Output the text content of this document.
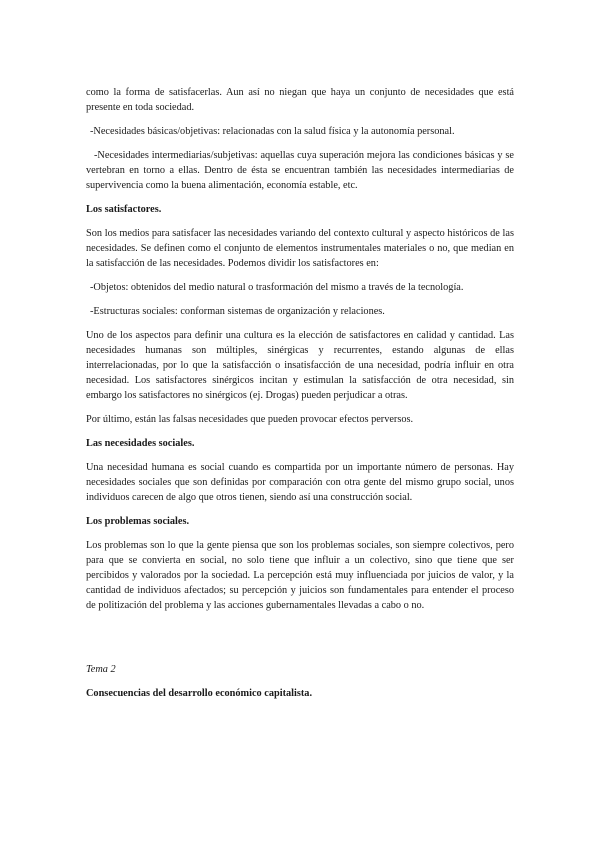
como la forma de satisfacerlas. Aun así no niegan que haya un conjunto de necesidades que está presente en toda sociedad.

-Necesidades básicas/objetivas: relacionadas con la salud física y la autonomía personal.

-Necesidades intermediarias/subjetivas: aquellas cuya superación mejora las condiciones básicas y se vertebran en torno a ellas. Dentro de ésta se encuentran también las necesidades intermediarias de supervivencia como la buena alimentación, economía estable, etc.

Los satisfactores.

Son los medios para satisfacer las necesidades variando del contexto cultural y aspecto históricos de las necesidades. Se definen como el conjunto de elementos instrumentales materiales o no, que median en la satisfacción de las necesidades. Podemos dividir los satisfactores en:

-Objetos: obtenidos del medio natural o trasformación del mismo a través de la tecnología.

-Estructuras sociales: conforman sistemas de organización y relaciones.

Uno de los aspectos para definir una cultura es la elección de satisfactores en calidad y cantidad. Las necesidades humanas son múltiples, sinérgicas y recurrentes, estando algunas de ellas interrelacionadas, por lo que la satisfacción o insatisfacción de una necesidad, podría influir en otra necesidad. Los satisfactores sinérgicos incitan y estimulan la satisfacción de otra necesidad, sin embargo los satisfactores no sinérgicos (ej. Drogas) pueden perjudicar a otras.

Por último, están las falsas necesidades que pueden provocar efectos perversos.

Las necesidades sociales.

Una necesidad humana es social cuando es compartida por un importante número de personas. Hay necesidades sociales que son definidas por comparación con otra gente del mismo grupo social, unos individuos carecen de algo que otros tienen, siendo así una construcción social.

Los problemas sociales.

Los problemas son lo que la gente piensa que son los problemas sociales, son siempre colectivos, pero para que se convierta en social, no solo tiene que influir a un colectivo, sino que tiene que ser percibidos y valorados por la sociedad. La percepción está muy influenciada por juicios de valor, y la cantidad de individuos afectados; su percepción y juicios son fundamentales para entender el proceso de politización del problema y las acciones gubernamentales llevadas a cabo o no.

Tema 2

Consecuencias del desarrollo económico capitalista.
